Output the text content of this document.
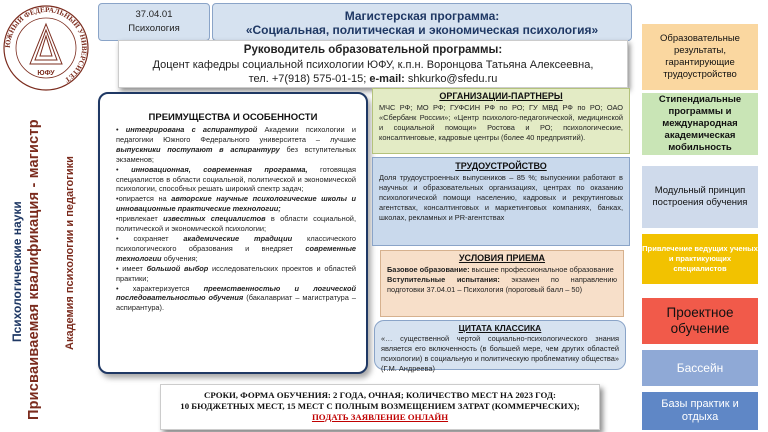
ЮЖНЫЙ ФЕДЕРАЛЬНЫЙ УНИВЕРСИТЕТ
ЮФУ
Психологические науки Присваиваемая квалификация - магистр Академия психологии и педагогики
37.04.01
Психология
Магистерская программа:
«Социальная, политическая и экономическая психология»
Руководитель образовательной программы:
Доцент кафедры социальной психологии ЮФУ, к.п.н. Воронцова Татьяна Алексеевна,
тел. +7(918) 575-01-15; e-mail: shkurko@sfedu.ru
ПРЕИМУЩЕСТВА И ОСОБЕННОСТИ

• интегрирована с аспирантурой Академии психологии и педагогики Южного Федерального университета – лучшие выпускники поступают в аспирантуру без вступительных экзаменов;

• инновационная, современная программа, готовящая специалистов в области социальной, политической и экономической психологии, способных решать широкий спектр задач;

•опирается на авторские научные психологические школы и инновационные практические технологии;

•привлекает известных специалистов в области социальной, политической и экономической психологии;

• сохраняет академические традиции классического психологического образования и внедряет современные технологии обучения;

• имеет большой выбор исследовательских проектов и областей практики;

• характеризуется преемственностью и логической последовательностью обучения (бакалавриат – магистратура – аспирантура).

ОРГАНИЗАЦИИ-ПАРТНЕРЫ
МЧС РФ; МО РФ; ГУФСИН РФ по РО; ГУ МВД РФ по РО; ОАО «Сбербанк России»; «Центр психолого-педагогической, медицинской и социальной помощи» Ростова и РО; психологические, консалтинговые, кадровые центры (более 40 предприятий).
ТРУДОУСТРОЙСТВО
Доля трудоустроенных выпускников – 85 %; выпускники работают в научных и образовательных организациях, центрах по оказанию психологической помощи населению, кадровых и рекрутинговых агентствах, консалтинговых и маркетинговых компаниях, банках, школах, рекламных и PR-агентствах
УСЛОВИЯ ПРИЕМА
Базовое образование: высшее профессиональное образование
Вступительные испытания: экзамен по направлению подготовки 37.04.01 – Психология (пороговый балл – 50)
ЦИТАТА КЛАССИКА
«… существенной чертой социально-психологического знания является его включенность (в большей мере, чем других областей психологии) в социальную и политическую проблематику общества» (Г.М. Андреева)
СРОКИ, ФОРМА ОБУЧЕНИЯ: 2 ГОДА, ОЧНАЯ; КОЛИЧЕСТВО МЕСТ НА 2023 ГОД:
10 БЮДЖЕТНЫХ МЕСТ, 15 МЕСТ С ПОЛНЫМ ВОЗМЕЩЕНИЕМ ЗАТРАТ (КОММЕРЧЕСКИХ);
ПОДАТЬ ЗАЯВЛЕНИЕ ОНЛАЙН
Образовательные результаты, гарантирующие трудоустройство
Стипендиальные программы и международная академическая мобильность
Модульный принцип построения обучения
Привлечение ведущих ученых и практикующих специалистов
Проектное обучение
Бассейн
Базы практик и отдыха
